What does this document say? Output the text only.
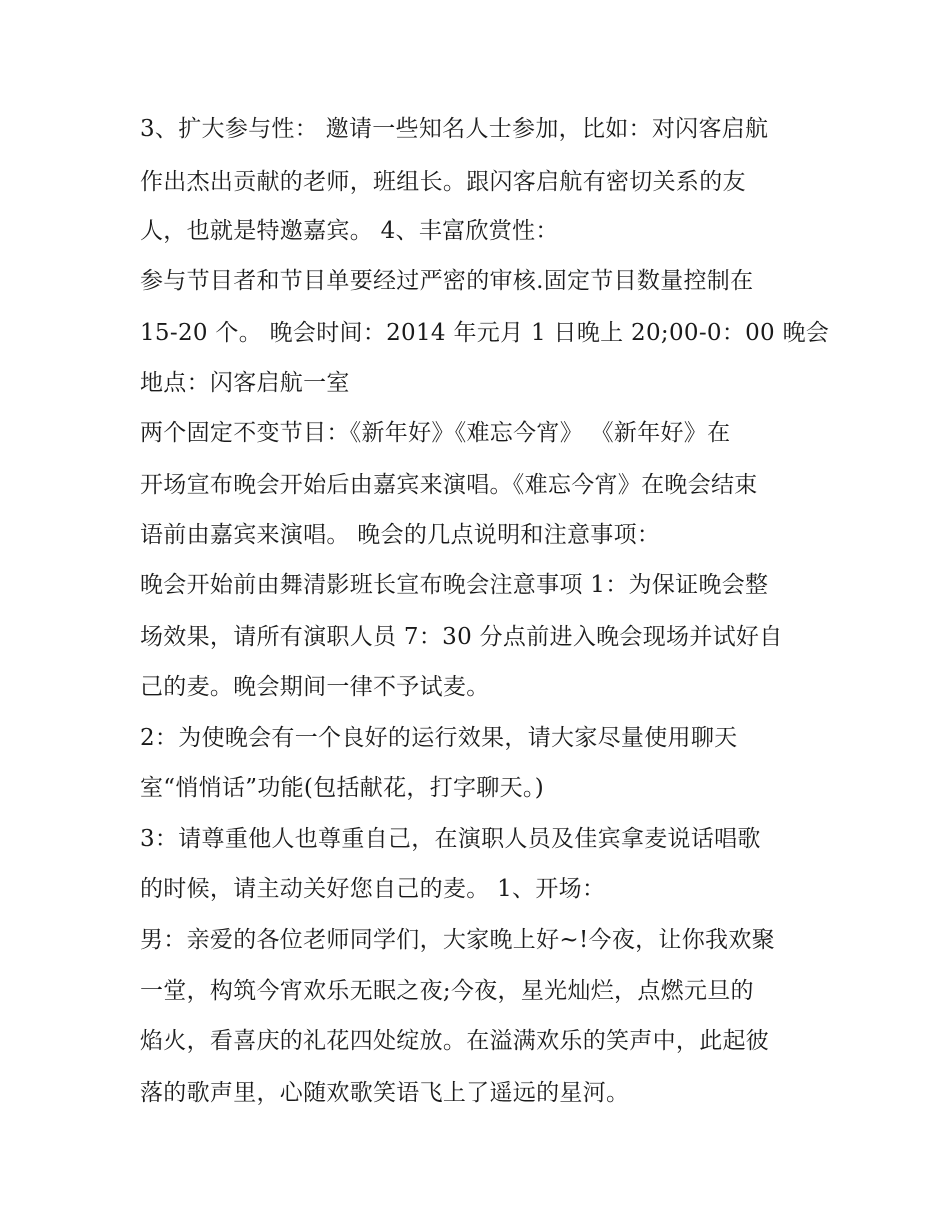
3、扩大参与性： 邀请一些知名人士参加，比如：对闪客启航

作出杰出贡献的老师，班组长。跟闪客启航有密切关系的友

人，也就是特邀嘉宾。 4、丰富欣赏性：

参与节目者和节目单要经过严密的审核.固定节目数量控制在

15-20 个。 晚会时间：2014 年元月 1 日晚上 20;00-0：00 晚会

地点：闪客启航一室

两个固定不变节目：《新年好》《难忘今宵》 《新年好》在

开场宣布晚会开始后由嘉宾来演唱。《难忘今宵》在晚会结束

语前由嘉宾来演唱。 晚会的几点说明和注意事项：

晚会开始前由舞清影班长宣布晚会注意事项 1：为保证晚会整

场效果，请所有演职人员 7：30 分点前进入晚会现场并试好自

己的麦。晚会期间一律不予试麦。

2：为使晚会有一个良好的运行效果，请大家尽量使用聊天

室“悄悄话”功能(包括献花，打字聊天。)

3：请尊重他人也尊重自己，在演职人员及佳宾拿麦说话唱歌

的时候，请主动关好您自己的麦。 1、开场：

男：亲爱的各位老师同学们，大家晚上好~!今夜，让你我欢聚

一堂，构筑今宵欢乐无眠之夜;今夜，星光灿烂，点燃元旦的

焰火，看喜庆的礼花四处绽放。在溢满欢乐的笑声中，此起彼

落的歌声里，心随欢歌笑语飞上了遥远的星河。
